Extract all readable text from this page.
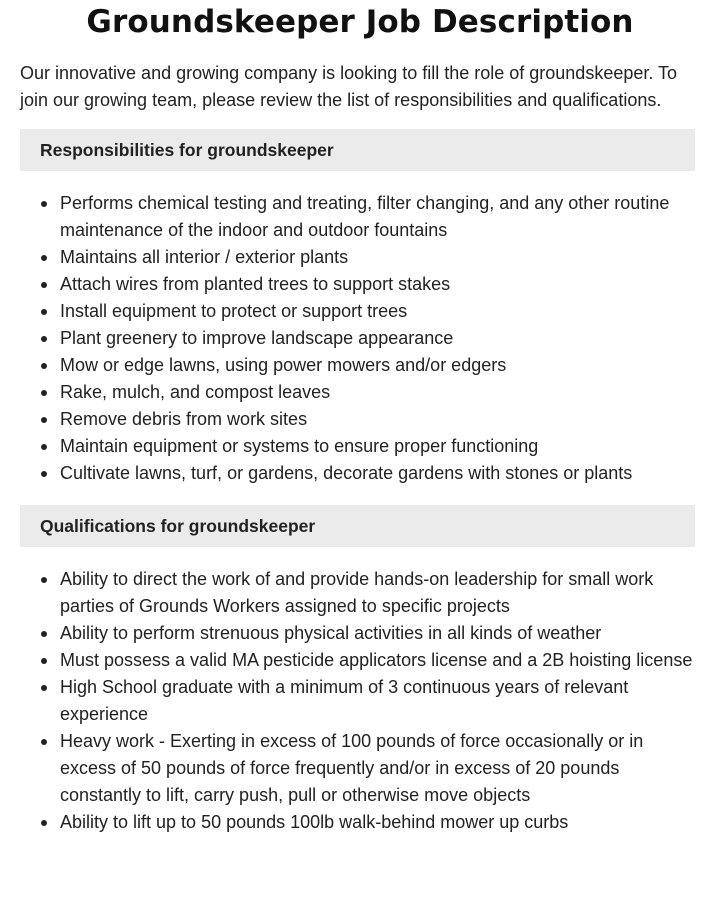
Groundskeeper Job Description

Our innovative and growing company is looking to fill the role of groundskeeper. To join our growing team, please review the list of responsibilities and qualifications.

Responsibilities for groundskeeper
Performs chemical testing and treating, filter changing, and any other routine maintenance of the indoor and outdoor fountains
Maintains all interior / exterior plants
Attach wires from planted trees to support stakes
Install equipment to protect or support trees
Plant greenery to improve landscape appearance
Mow or edge lawns, using power mowers and/or edgers
Rake, mulch, and compost leaves
Remove debris from work sites
Maintain equipment or systems to ensure proper functioning
Cultivate lawns, turf, or gardens, decorate gardens with stones or plants
Qualifications for groundskeeper
Ability to direct the work of and provide hands-on leadership for small work parties of Grounds Workers assigned to specific projects
Ability to perform strenuous physical activities in all kinds of weather
Must possess a valid MA pesticide applicators license and a 2B hoisting license
High School graduate with a minimum of 3 continuous years of relevant experience
Heavy work - Exerting in excess of 100 pounds of force occasionally or in excess of 50 pounds of force frequently and/or in excess of 20 pounds constantly to lift, carry push, pull or otherwise move objects
Ability to lift up to 50 pounds 100lb walk-behind mower up curbs
